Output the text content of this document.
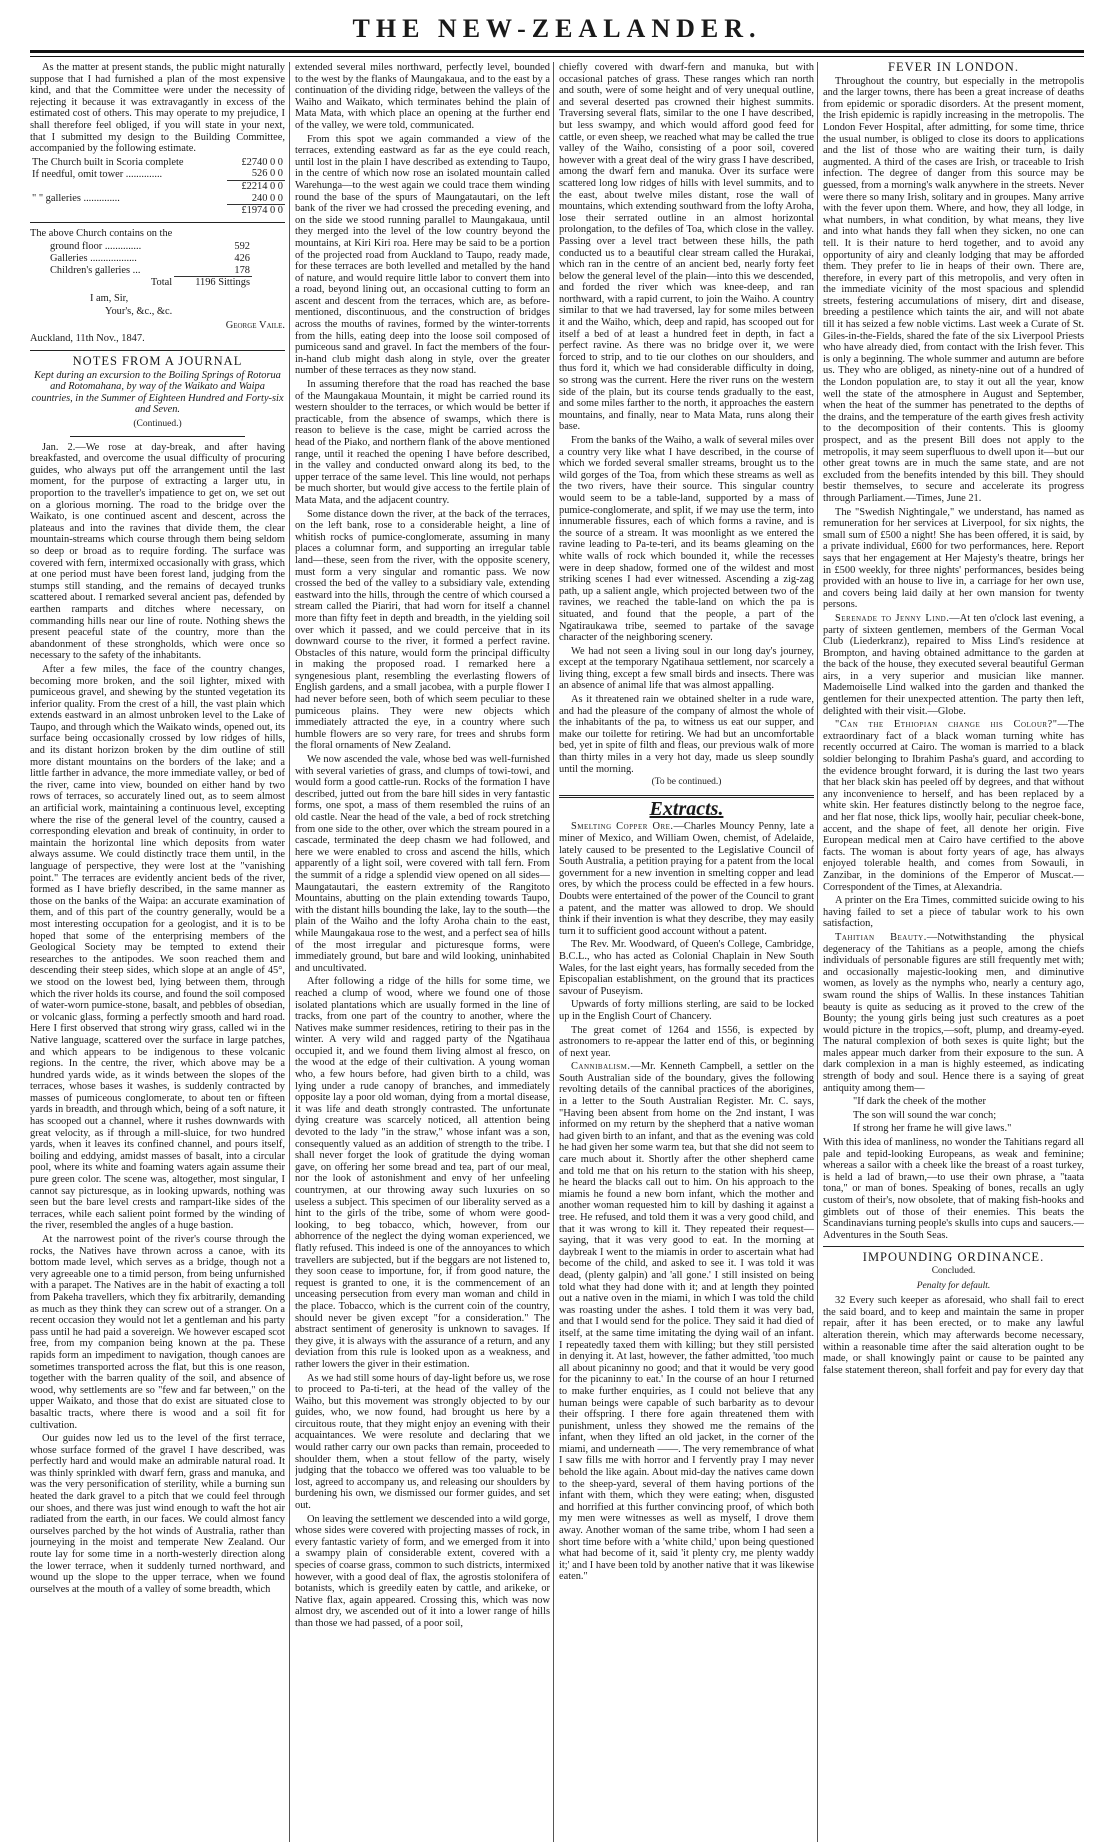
THE NEW-ZEALANDER.

As the matter at present stands, the public might naturally suppose that I had furnished a plan of the most expensive kind, and that the Committee were under the necessity of rejecting it because it was extravagantly in excess of the estimated cost of others. This may operate to my prejudice, I shall therefore feel obliged, if you will state in your next, that I submitted my design to the Building Committee, accompanied by the following estimate.

The Church built in Scoria complete	£2740 0 0
If needful, omit tower ..............	526 0 0
	£2214 0 0
" " galleries ..............	240 0 0
	£1974 0 0

The above Church contains on the

ground floor ..............	592
Galleries ..................	426
Children's galleries ...	178
Total	1196 Sittings

I am, Sir,

Your's, &c., &c.

George Vaile.

Auckland, 11th Nov., 1847.

NOTES FROM A JOURNAL
Kept during an excursion to the Boiling Springs of Rotorua and Rotomahana, by way of the Waikato and Waipa countries, in the Summer of Eighteen Hundred and Forty-six and Seven.
(Continued.)

Jan. 2.—We rose at day-break, and after having breakfasted, and overcome the usual difficulty of procuring guides, who always put off the arrangement until the last moment, for the purpose of extracting a larger utu, in proportion to the traveller's impatience to get on, we set out on a glorious morning. The road to the bridge over the Waikato, is one continued ascent and descent, across the plateaus and into the ravines that divide them, the clear mountain-streams which course through them being seldom so deep or broad as to require fording. The surface was covered with fern, intermixed occasionally with grass, which at one period must have been forest land, judging from the stumps still standing, and the remains of decayed trunks scattered about. I remarked several ancient pas, defended by earthen ramparts and ditches where necessary, on commanding hills near our line of route. Nothing shews the present peaceful state of the country, more than the abandonment of these strongholds, which were once so necessary to the safety of the inhabitants.

After a few miles, the face of the country changes, becoming more broken, and the soil lighter, mixed with pumiceous gravel, and shewing by the stunted vegetation its inferior quality. From the crest of a hill, the vast plain which extends eastward in an almost unbroken level to the Lake of Taupo, and through which the Waikato winds, opened out, its surface being occasionally crossed by low ridges of hills, and its distant horizon broken by the dim outline of still more distant mountains on the borders of the lake; and a little farther in advance, the more immediate valley, or bed of the river, came into view, bounded on either hand by two rows of terraces, so accurately lined out, as to seem almost an artificial work, maintaining a continuous level, excepting where the rise of the general level of the country, caused a corresponding elevation and break of continuity, in order to maintain the horizontal line which deposits from water always assume. We could distinctly trace them until, in the language of perspective, they were lost at the "vanishing point." The terraces are evidently ancient beds of the river, formed as I have briefly described, in the same manner as those on the banks of the Waipa: an accurate examination of them, and of this part of the country generally, would be a most interesting occupation for a geologist, and it is to be hoped that some of the enterprising members of the Geological Society may be tempted to extend their researches to the antipodes. We soon reached them and descending their steep sides, which slope at an angle of 45°, we stood on the lowest bed, lying between them, through which the river holds its course, and found the soil composed of water-worn pumice-stone, basalt, and pebbles of obsedian, or volcanic glass, forming a perfectly smooth and hard road. Here I first observed that strong wiry grass, called wi in the Native language, scattered over the surface in large patches, and which appears to be indigenous to these volcanic regions. In the centre, the river, which above may be a hundred yards wide, as it winds between the slopes of the terraces, whose bases it washes, is suddenly contracted by masses of pumiceous conglomerate, to about ten or fifteen yards in breadth, and through which, being of a soft nature, it has scooped out a channel, where it rushes downwards with great velocity, as if through a mill-sluice, for two hundred yards, when it leaves its confined channel, and pours itself, boiling and eddying, amidst masses of basalt, into a circular pool, where its white and foaming waters again assume their pure green color. The scene was, altogether, most singular, I cannot say picturesque, as in looking upwards, nothing was seen but the bare level crests and rampart-like sides of the terraces, while each salient point formed by the winding of the river, resembled the angles of a huge bastion.

At the narrowest point of the river's course through the rocks, the Natives have thrown across a canoe, with its bottom made level, which serves as a bridge, though not a very agreeable one to a timid person, from being unfurnished with a parapet. The Natives are in the habit of exacting a toll from Pakeha travellers, which they fix arbitrarily, demanding as much as they think they can screw out of a stranger. On a recent occasion they would not let a gentleman and his party pass until he had paid a sovereign. We however escaped scot free, from my companion being known at the pa. These rapids form an impediment to navigation, though canoes are sometimes transported across the flat, but this is one reason, together with the barren quality of the soil, and absence of wood, why settlements are so "few and far between," on the upper Waikato, and those that do exist are situated close to basaltic tracts, where there is wood and a soil fit for cultivation.

Our guides now led us to the level of the first terrace, whose surface formed of the gravel I have described, was perfectly hard and would make an admirable natural road. It was thinly sprinkled with dwarf fern, grass and manuka, and was the very personification of sterility, while a burning sun heated the dark gravel to a pitch that we could feel through our shoes, and there was just wind enough to waft the hot air radiated from the earth, in our faces. We could almost fancy ourselves parched by the hot winds of Australia, rather than journeying in the moist and temperate New Zealand. Our route lay for some time in a north-westerly direction along the lower terrace, when it suddenly turned northward, and wound up the slope to the upper terrace, when we found ourselves at the mouth of a valley of some breadth, which

extended several miles northward, perfectly level, bounded to the west by the flanks of Maungakaua, and to the east by a continuation of the dividing ridge, between the valleys of the Waiho and Waikato, which terminates behind the plain of Mata Mata, with which place an opening at the further end of the valley, we were told, communicated.

From this spot we again commanded a view of the terraces, extending eastward as far as the eye could reach, until lost in the plain I have described as extending to Taupo, in the centre of which now rose an isolated mountain called Warehunga—to the west again we could trace them winding round the base of the spurs of Maungatautari, on the left bank of the river we had crossed the preceding evening, and on the side we stood running parallel to Maungakaua, until they merged into the level of the low country beyond the mountains, at Kiri Kiri roa. Here may be said to be a portion of the projected road from Auckland to Taupo, ready made, for these terraces are both levelled and metalled by the hand of nature, and would require little labor to convert them into a road, beyond lining out, an occasional cutting to form an ascent and descent from the terraces, which are, as before-mentioned, discontinuous, and the construction of bridges across the mouths of ravines, formed by the winter-torrents from the hills, eating deep into the loose soil composed of pumiceous sand and gravel. In fact the members of the four-in-hand club might dash along in style, over the greater number of these terraces as they now stand.

In assuming therefore that the road has reached the base of the Maungakaua Mountain, it might be carried round its western shoulder to the terraces, or which would be better if practicable, from the absence of swamps, which there is reason to believe is the case, might be carried across the head of the Piako, and northern flank of the above mentioned range, until it reached the opening I have before described, in the valley and conducted onward along its bed, to the upper terrace of the same level. This line would, not perhaps be much shorter, but would give access to the fertile plain of Mata Mata, and the adjacent country.

Some distance down the river, at the back of the terraces, on the left bank, rose to a considerable height, a line of whitish rocks of pumice-conglomerate, assuming in many places a columnar form, and supporting an irregular table land—these, seen from the river, with the opposite scenery, must form a very singular and romantic pass. We now crossed the bed of the valley to a subsidiary vale, extending eastward into the hills, through the centre of which coursed a stream called the Piariri, that had worn for itself a channel more than fifty feet in depth and breadth, in the yielding soil over which it passed, and we could perceive that in its downward course to the river, it formed a perfect ravine. Obstacles of this nature, would form the principal difficulty in making the proposed road. I remarked here a syngenesious plant, resembling the everlasting flowers of English gardens, and a small jacobea, with a purple flower I had never before seen, both of which seem peculiar to these pumiceous plains. They were new objects which immediately attracted the eye, in a country where such humble flowers are so very rare, for trees and shrubs form the floral ornaments of New Zealand.

We now ascended the vale, whose bed was well-furnished with several varieties of grass, and clumps of towi-towi, and would form a good cattle-run. Rocks of the formation I have described, jutted out from the bare hill sides in very fantastic forms, one spot, a mass of them resembled the ruins of an old castle. Near the head of the vale, a bed of rock stretching from one side to the other, over which the stream poured in a cascade, terminated the deep chasm we had followed, and here we were enabled to cross and ascend the hills, which apparently of a light soil, were covered with tall fern. From the summit of a ridge a splendid view opened on all sides—Maungatautari, the eastern extremity of the Rangitoto Mountains, abutting on the plain extending towards Taupo, with the distant hills bounding the lake, lay to the south—the plain of the Waiho and the lofty Aroha chain to the east, while Maungakaua rose to the west, and a perfect sea of hills of the most irregular and picturesque forms, were immediately ground, but bare and wild looking, uninhabited and uncultivated.

After following a ridge of the hills for some time, we reached a clump of wood, where we found one of those isolated plantations which are usually formed in the line of tracks, from one part of the country to another, where the Natives make summer residences, retiring to their pas in the winter. A very wild and ragged party of the Ngatihaua occupied it, and we found them living almost al fresco, on the wood at the edge of their cultivation. A young woman who, a few hours before, had given birth to a child, was lying under a rude canopy of branches, and immediately opposite lay a poor old woman, dying from a mortal disease, it was life and death strongly contrasted. The unfortunate dying creature was scarcely noticed, all attention being devoted to the lady "in the straw," whose infant was a son, consequently valued as an addition of strength to the tribe. I shall never forget the look of gratitude the dying woman gave, on offering her some bread and tea, part of our meal, nor the look of astonishment and envy of her unfeeling countrymen, at our throwing away such luxuries on so useless a subject. This specimen of our liberality served as a hint to the girls of the tribe, some of whom were good-looking, to beg tobacco, which, however, from our abhorrence of the neglect the dying woman experienced, we flatly refused. This indeed is one of the annoyances to which travellers are subjected, but if the beggars are not listened to, they soon cease to importune, for, if from good nature, the request is granted to one, it is the commencement of an unceasing persecution from every man woman and child in the place. Tobacco, which is the current coin of the country, should never be given except "for a consideration." The abstract sentiment of generosity is unknown to savages. If they give, it is always with the assurance of a return, and any deviation from this rule is looked upon as a weakness, and rather lowers the giver in their estimation.

As we had still some hours of day-light before us, we rose to proceed to Pa-ti-teri, at the head of the valley of the Waiho, but this movement was strongly objected to by our guides, who, we now found, had brought us here by a circuitous route, that they might enjoy an evening with their acquaintances. We were resolute and declaring that we would rather carry our own packs than remain, proceeded to shoulder them, when a stout fellow of the party, wisely judging that the tobacco we offered was too valuable to be lost, agreed to accompany us, and releasing our shoulders by burdening his own, we dismissed our former guides, and set out.

On leaving the settlement we descended into a wild gorge, whose sides were covered with projecting masses of rock, in every fantastic variety of form, and we emerged from it into a swampy plain of considerable extent, covered with a species of coarse grass, common to such districts, intermixed however, with a good deal of flax, the agrostis stolonifera of botanists, which is greedily eaten by cattle, and arikeke, or Native flax, again appeared. Crossing this, which was now almost dry, we ascended out of it into a lower range of hills than those we had passed, of a poor soil,

chiefly covered with dwarf-fern and manuka, but with occasional patches of grass. These ranges which ran north and south, were of some height and of very unequal outline, and several deserted pas crowned their highest summits. Traversing several flats, similar to the one I have described, but less swampy, and which would afford good feed for cattle, or even sheep, we reached what may be called the true valley of the Waiho, consisting of a poor soil, covered however with a great deal of the wiry grass I have described, among the dwarf fern and manuka. Over its surface were scattered long low ridges of hills with level summits, and to the east, about twelve miles distant, rose the wall of mountains, which extending southward from the lofty Aroha, lose their serrated outline in an almost horizontal prolongation, to the defiles of Toa, which close in the valley. Passing over a level tract between these hills, the path conducted us to a beautiful clear stream called the Hurakai, which ran in the centre of an ancient bed, nearly forty feet below the general level of the plain—into this we descended, and forded the river which was knee-deep, and ran northward, with a rapid current, to join the Waiho. A country similar to that we had traversed, lay for some miles between it and the Waiho, which, deep and rapid, has scooped out for itself a bed of at least a hundred feet in depth, in fact a perfect ravine. As there was no bridge over it, we were forced to strip, and to tie our clothes on our shoulders, and thus ford it, which we had considerable difficulty in doing, so strong was the current. Here the river runs on the western side of the plain, but its course tends gradually to the east, and some miles farther to the north, it approaches the eastern mountains, and finally, near to Mata Mata, runs along their base.

From the banks of the Waiho, a walk of several miles over a country very like what I have described, in the course of which we forded several smaller streams, brought us to the wild gorges of the Toa, from which these streams as well as the two rivers, have their source. This singular country would seem to be a table-land, supported by a mass of pumice-conglomerate, and split, if we may use the term, into innumerable fissures, each of which forms a ravine, and is the source of a stream. It was moonlight as we entered the ravine leading to Pa-te-teri, and its beams gleaming on the white walls of rock which bounded it, while the recesses were in deep shadow, formed one of the wildest and most striking scenes I had ever witnessed. Ascending a zig-zag path, up a salient angle, which projected between two of the ravines, we reached the table-land on which the pa is situated, and found that the people, a part of the Ngatiraukawa tribe, seemed to partake of the savage character of the neighboring scenery.

We had not seen a living soul in our long day's journey, except at the temporary Ngatihaua settlement, nor scarcely a living thing, except a few small birds and insects. There was an absence of animal life that was almost appalling.

As it threatened rain we obtained shelter in a rude ware, and had the pleasure of the company of almost the whole of the inhabitants of the pa, to witness us eat our supper, and make our toilette for retiring. We had but an uncomfortable bed, yet in spite of filth and fleas, our previous walk of more than thirty miles in a very hot day, made us sleep soundly until the morning.

(To be continued.)
Extracts.

Smelting Copper Ore.—Charles Mouncy Penny, late a miner of Mexico, and William Owen, chemist, of Adelaide, lately caused to be presented to the Legislative Council of South Australia, a petition praying for a patent from the local government for a new invention in smelting copper and lead ores, by which the process could be effected in a few hours. Doubts were entertained of the power of the Council to grant a patent, and the matter was allowed to drop. We should think if their invention is what they describe, they may easily turn it to sufficient good account without a patent.

The Rev. Mr. Woodward, of Queen's College, Cambridge, B.C.L., who has acted as Colonial Chaplain in New South Wales, for the last eight years, has formally seceded from the Episcopalian establishment, on the ground that its practices savour of Puseyism.

Upwards of forty millions sterling, are said to be locked up in the English Court of Chancery.

The great comet of 1264 and 1556, is expected by astronomers to re-appear the latter end of this, or beginning of next year.

Cannibalism.—Mr. Kenneth Campbell, a settler on the South Australian side of the boundary, gives the following revolting details of the cannibal practices of the aborigines, in a letter to the South Australian Register. Mr. C. says, "Having been absent from home on the 2nd instant, I was informed on my return by the shepherd that a native woman had given birth to an infant, and that as the evening was cold he had given her some warm tea, but that she did not seem to care much about it. Shortly after the other shepherd came and told me that on his return to the station with his sheep, he heard the blacks call out to him. On his approach to the miamis he found a new born infant, which the mother and another woman requested him to kill by dashing it against a tree. He refused, and told them it was a very good child, and that it was wrong to kill it. They repeated their request—saying, that it was very good to eat. In the morning at daybreak I went to the miamis in order to ascertain what had become of the child, and asked to see it. I was told it was dead, (plenty galpin) and 'all gone.' I still insisted on being told what they had done with it; and at length they pointed out a native oven in the miami, in which I was told the child was roasting under the ashes. I told them it was very bad, and that I would send for the police. They said it had died of itself, at the same time imitating the dying wail of an infant. I repeatedly taxed them with killing; but they still persisted in denying it. At last, however, the father admitted, 'too much all about picaninny no good; and that it would be very good for the picaninny to eat.' In the course of an hour I returned to make further enquiries, as I could not believe that any human beings were capable of such barbarity as to devour their offspring. I there fore again threatened them with punishment, unless they showed me the remains of the infant, when they lifted an old jacket, in the corner of the miami, and underneath ——. The very remembrance of what I saw fills me with horror and I fervently pray I may never behold the like again. About mid-day the natives came down to the sheep-yard, several of them having portions of the infant with them, which they were eating; when, disgusted and horrified at this further convincing proof, of which both my men were witnesses as well as myself, I drove them away. Another woman of the same tribe, whom I had seen a short time before with a 'white child,' upon being questioned what had become of it, said 'it plenty cry, me plenty waddy it;' and I have been told by another native that it was likewise eaten."

FEVER IN LONDON.

Throughout the country, but especially in the metropolis and the larger towns, there has been a great increase of deaths from epidemic or sporadic disorders. At the present moment, the Irish epidemic is rapidly increasing in the metropolis. The London Fever Hospital, after admitting, for some time, thrice the usual number, is obliged to close its doors to applications and the list of those who are waiting their turn, is daily augmented. A third of the cases are Irish, or traceable to Irish infection. The degree of danger from this source may be guessed, from a morning's walk anywhere in the streets. Never were there so many Irish, solitary and in groupes. Many arrive with the fever upon them. Where, and how, they all lodge, in what numbers, in what condition, by what means, they live and into what hands they fall when they sicken, no one can tell. It is their nature to herd together, and to avoid any opportunity of airy and cleanly lodging that may be afforded them. They prefer to lie in heaps of their own. There are, therefore, in every part of this metropolis, and very often in the immediate vicinity of the most spacious and splendid streets, festering accumulations of misery, dirt and disease, breeding a pestilence which taints the air, and will not abate till it has seized a few noble victims. Last week a Curate of St. Giles-in-the-Fields, shared the fate of the six Liverpool Priests who have already died, from contact with the Irish fever. This is only a beginning. The whole summer and autumn are before us. They who are obliged, as ninety-nine out of a hundred of the London population are, to stay it out all the year, know well the state of the atmosphere in August and September, when the heat of the summer has penetrated to the depths of the drains, and the temperature of the earth gives fresh activity to the decomposition of their contents. This is gloomy prospect, and as the present Bill does not apply to the metropolis, it may seem superfluous to dwell upon it—but our other great towns are in much the same state, and are not excluded from the benefits intended by this bill. They should bestir themselves, to secure and accelerate its progress through Parliament.—Times, June 21.

The "Swedish Nightingale," we understand, has named as remuneration for her services at Liverpool, for six nights, the small sum of £500 a night! She has been offered, it is said, by a private individual, £600 for two performances, here. Report says that her engagement at Her Majesty's theatre, brings her in £500 weekly, for three nights' performances, besides being provided with an house to live in, a carriage for her own use, and covers being laid daily at her own mansion for twenty persons.

Serenade to Jenny Lind.—At ten o'clock last evening, a party of sixteen gentlemen, members of the German Vocal Club (Liederkranz), repaired to Miss Lind's residence at Brompton, and having obtained admittance to the garden at the back of the house, they executed several beautiful German airs, in a very superior and musician like manner. Mademoiselle Lind walked into the garden and thanked the gentlemen for their unexpected attention. The party then left, delighted with their visit.—Globe.

"Can the Ethiopian change his Colour?"—The extraordinary fact of a black woman turning white has recently occurred at Cairo. The woman is married to a black soldier belonging to Ibrahim Pasha's guard, and according to the evidence brought forward, it is during the last two years that her black skin has peeled off by degrees, and that without any inconvenience to herself, and has been replaced by a white skin. Her features distinctly belong to the negroe face, and her flat nose, thick lips, woolly hair, peculiar cheek-bone, accent, and the shape of feet, all denote her origin. Five European medical men at Cairo have certified to the above facts. The woman is about forty years of age, has always enjoyed tolerable health, and comes from Sowauli, in Zanzibar, in the dominions of the Emperor of Muscat.—Correspondent of the Times, at Alexandria.

A printer on the Era Times, committed suicide owing to his having failed to set a piece of tabular work to his own satisfaction,

Tahitian Beauty.—Notwithstanding the physical degeneracy of the Tahitians as a people, among the chiefs individuals of personable figures are still frequently met with; and occasionally majestic-looking men, and diminutive women, as lovely as the nymphs who, nearly a century ago, swam round the ships of Wallis. In these instances Tahitian beauty is quite as seducing as it proved to the crew of the Bounty; the young girls being just such creatures as a poet would picture in the tropics,—soft, plump, and dreamy-eyed. The natural complexion of both sexes is quite light; but the males appear much darker from their exposure to the sun. A dark complexion in a man is highly esteemed, as indicating strength of body and soul. Hence there is a saying of great antiquity among them—

"If dark the cheek of the mother

The son will sound the war conch;

If strong her frame he will give laws."

With this idea of manliness, no wonder the Tahitians regard all pale and tepid-looking Europeans, as weak and feminine; whereas a sailor with a cheek like the breast of a roast turkey, is held a lad of brawn,—to use their own phrase, a "taata tona," or man of bones. Speaking of bones, recalls an ugly custom of their's, now obsolete, that of making fish-hooks and gimblets out of those of their enemies. This beats the Scandinavians turning people's skulls into cups and saucers.—Adventures in the South Seas.

IMPOUNDING ORDINANCE.
Concluded.
Penalty for default.

32 Every such keeper as aforesaid, who shall fail to erect the said board, and to keep and maintain the same in proper repair, after it has been erected, or to make any lawful alteration therein, which may afterwards become necessary, within a reasonable time after the said alteration ought to be made, or shall knowingly paint or cause to be painted any false statement thereon, shall forfeit and pay for every day that
